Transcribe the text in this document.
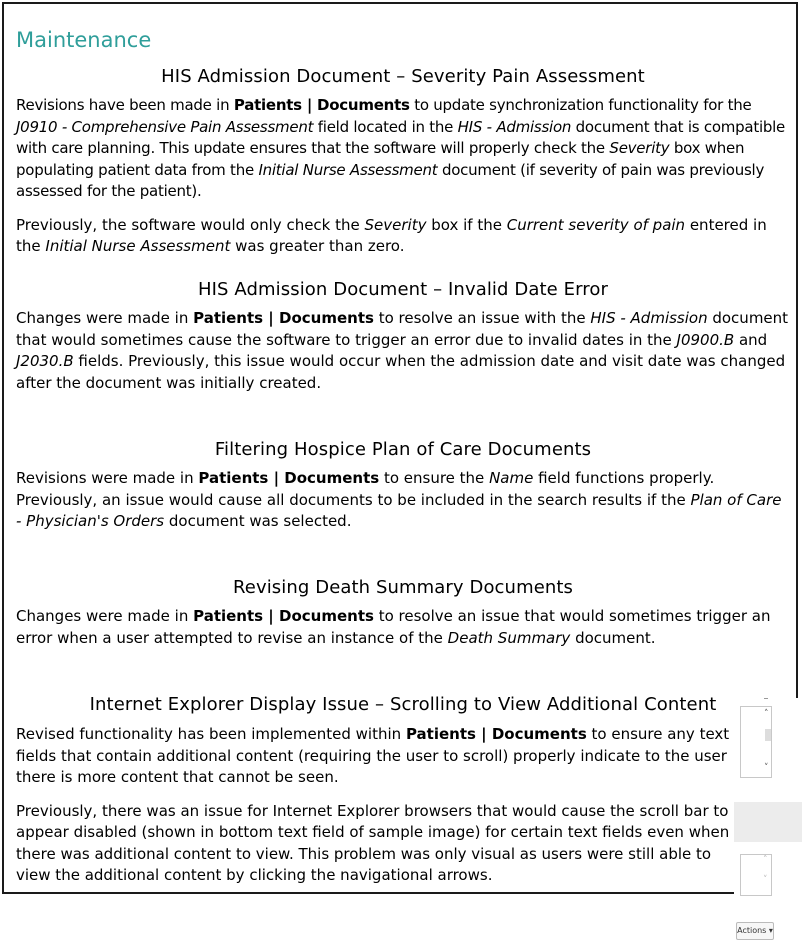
Maintenance
HIS Admission Document – Severity Pain Assessment

Revisions have been made in Patients | Documents to update synchronization functionality for the J0910 - Comprehensive Pain Assessment field located in the HIS - Admission document that is compatible with care planning. This update ensures that the software will properly check the Severity box when populating patient data from the Initial Nurse Assessment document (if severity of pain was previously assessed for the patient).

Previously, the software would only check the Severity box if the Current severity of pain entered in the Initial Nurse Assessment was greater than zero.

HIS Admission Document – Invalid Date Error

Changes were made in Patients | Documents to resolve an issue with the HIS - Admission document that would sometimes cause the software to trigger an error due to invalid dates in the J0900.B and J2030.B fields. Previously, this issue would occur when the admission date and visit date was changed after the document was initially created.

Filtering Hospice Plan of Care Documents

Revisions were made in Patients | Documents to ensure the Name field functions properly. Previously, an issue would cause all documents to be included in the search results if the Plan of Care - Physician's Orders document was selected.

Revising Death Summary Documents

Changes were made in Patients | Documents to resolve an issue that would sometimes trigger an error when a user attempted to revise an instance of the Death Summary document.

Internet Explorer Display Issue – Scrolling to View Additional Content

Revised functionality has been implemented within Patients | Documents to ensure any text fields that contain additional content (requiring the user to scroll) properly indicate to the user there is more content that cannot be seen.

Previously, there was an issue for Internet Explorer browsers that would cause the scroll bar to appear disabled (shown in bottom text field of sample image) for certain text fields even when there was additional content to view. This problem was only visual as users were still able to view the additional content by clicking the navigational arrows.

˄
˅
Actions ▾
˄
˅
